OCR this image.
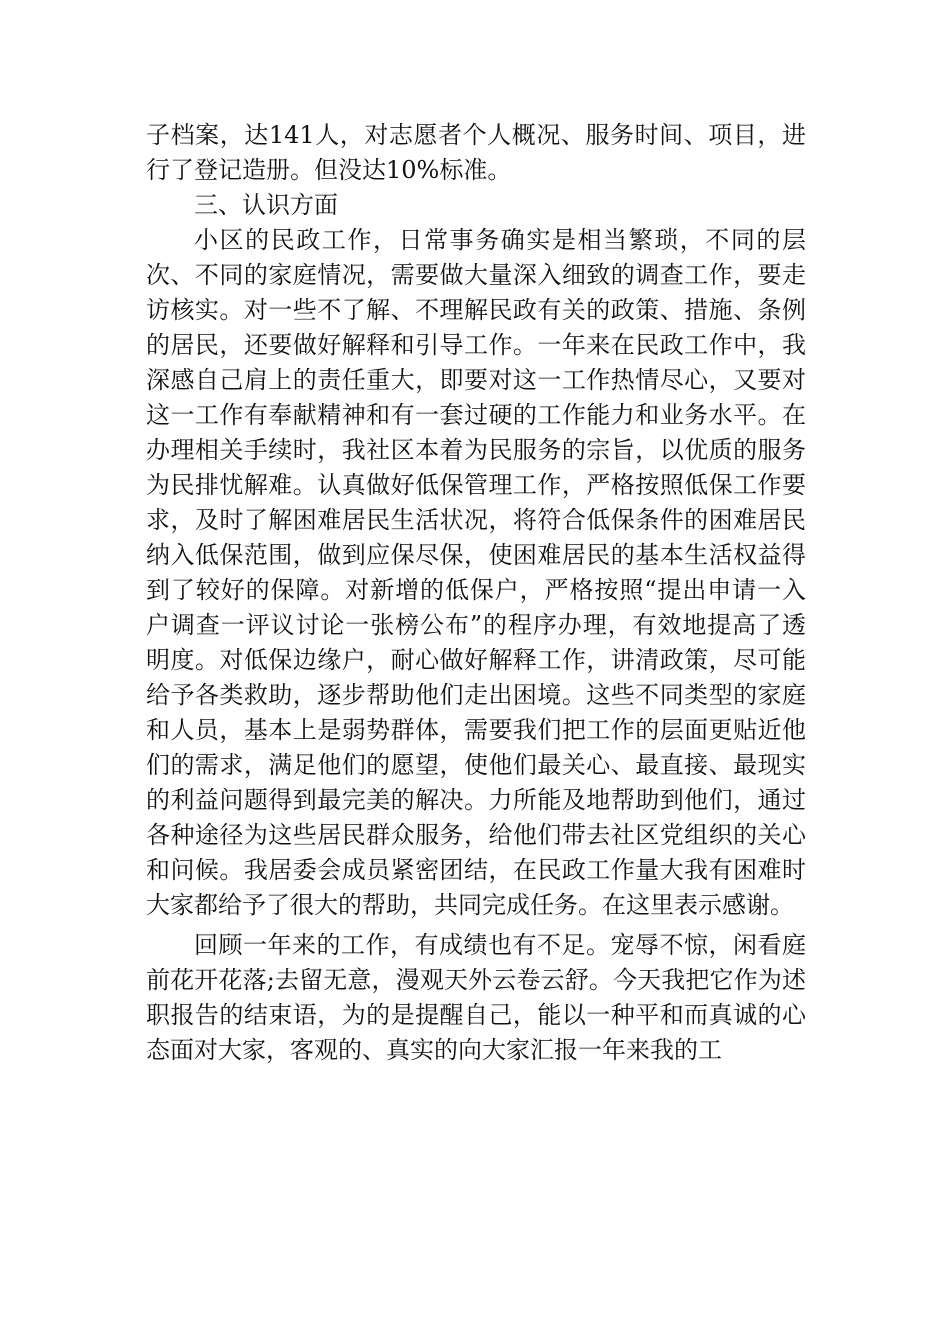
子档案，达141人，对志愿者个人概况、服务时间、项目，进行了登记造册。但没达10%标准。

三、认识方面

小区的民政工作，日常事务确实是相当繁琐，不同的层次、不同的家庭情况，需要做大量深入细致的调查工作，要走访核实。对一些不了解、不理解民政有关的政策、措施、条例的居民，还要做好解释和引导工作。一年来在民政工作中，我深感自己肩上的责任重大，即要对这一工作热情尽心，又要对这一工作有奉献精神和有一套过硬的工作能力和业务水平。在办理相关手续时，我社区本着为民服务的宗旨，以优质的服务为民排忧解难。认真做好低保管理工作，严格按照低保工作要求，及时了解困难居民生活状况，将符合低保条件的困难居民纳入低保范围，做到应保尽保，使困难居民的基本生活权益得到了较好的保障。对新增的低保户，严格按照“提出申请一入户调查一评议讨论一张榜公布”的程序办理，有效地提高了透明度。对低保边缘户，耐心做好解释工作，讲清政策，尽可能给予各类救助，逐步帮助他们走出困境。这些不同类型的家庭和人员，基本上是弱势群体，需要我们把工作的层面更贴近他们的需求，满足他们的愿望，使他们最关心、最直接、最现实的利益问题得到最完美的解决。力所能及地帮助到他们，通过各种途径为这些居民群众服务，给他们带去社区党组织的关心和问候。我居委会成员紧密团结，在民政工作量大我有困难时大家都给予了很大的帮助，共同完成任务。在这里表示感谢。

回顾一年来的工作，有成绩也有不足。宠辱不惊，闲看庭前花开花落;去留无意，漫观天外云卷云舒。今天我把它作为述职报告的结束语，为的是提醒自己，能以一种平和而真诚的心态面对大家，客观的、真实的向大家汇报一年来我的工
